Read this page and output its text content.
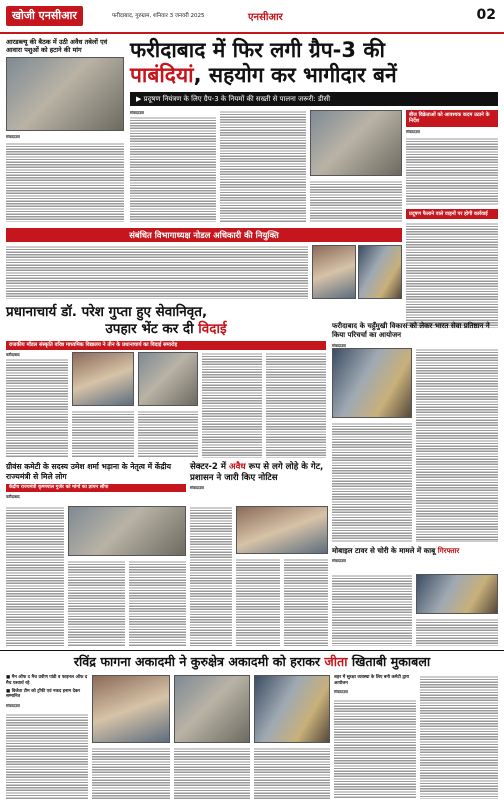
खोजी एनसीआर	फरीदाबाद, गुरुग्राम, शनिवार 3 जनवरी 2025	एनसीआर	02
आरडब्ल्यू की बैठक में उठी अवैध तबेलों एवं आवारा पशुओं को हटाने की मांग
संवाददाता
फरीदाबाद में फिर लगी ग्रैप-3 की
पाबंदियां, सहयोग कर भागीदार बनें
▶ प्रदूषण नियंत्रण के लिए ग्रैप-3 के नियमों की सख्ती से पालना जरूरी: डीसी
संवाददाता	बीज विक्रेताओं को आवश्यक कदम उठाने के निर्देश
संवाददाता
प्रदूषण फैलाने वाले वाहनों पर होगी कार्रवाई
संबंधित विभागाध्यक्ष नोडल अधिकारी की नियुक्ति
प्रधानाचार्य डॉ. परेश गुप्ता हुए सेवानिवृत,
उपहार भेंट कर दी विदाई
राजकीय मॉडल संस्कृति वरिष्ठ माध्यमिक विद्यालय ने तीन के प्रधानाचार्य का विदाई समारोह
फरीदाबाद
फरीदाबाद के चहुँमुखी विकास को लेकर भारत सेवा प्रतिष्ठान ने किया परिचर्चा का आयोजन
संवाददाता
ग्रीवंस कमेटी के सदस्य उमेश शर्मा भड़ाना के नेतृत्व में केंद्रीय राज्यमंत्री से मिले लोग
केंद्रीय राज्यमंत्री कृष्णपाल गुर्जर को मांगों का ज्ञापन सौंपा
फरीदाबाद
सेक्टर-2 में अवैध रूप से लगे लोहे के गेट, प्रशासन ने जारी किए नोटिस
संवाददाता
मोबाइल टावर से चोरी के मामले में काबू गिरफ्तार
संवाददाता
रविंद्र फागना अकादमी ने कुरुक्षेत्र अकादमी को हराकर जीता खिताबी मुकाबला
■ मैन ऑफ द मैच प्रवीण पांडी व फाइनल ऑफ द मैच यश्वार्थ रहे
■ विजेता टीम को ट्रॉफी एवं नकद इनाम देकर सम्मानित
संवाददाता
शहर में सुरक्षा व्यवस्था के लिए बनी कमेटी द्वारा आयोजन
संवाददाता
